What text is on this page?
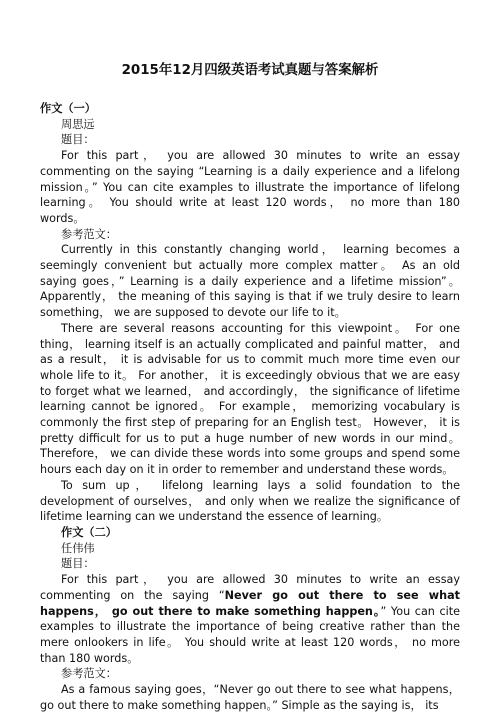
2015年12月四级英语考试真题与答案解析
作文（一）
周思远
题目：

For this part， you are allowed 30 minutes to write an essay commenting on the saying “Learning is a daily experience and a lifelong mission。” You can cite examples to illustrate the importance of lifelong learning。 You should write at least 120 words， no more than 180 words。

参考范文：

Currently in this constantly changing world， learning becomes a seemingly convenient but actually more complex matter。 As an old saying goes，” Learning is a daily experience and a lifetime mission”。 Apparently， the meaning of this saying is that if we truly desire to learn something， we are supposed to devote our life to it。

There are several reasons accounting for this viewpoint。 For one thing， learning itself is an actually complicated and painful matter， and as a result， it is advisable for us to commit much more time even our whole life to it。 For another， it is exceedingly obvious that we are easy to forget what we learned， and accordingly， the significance of lifetime learning cannot be ignored。 For example， memorizing vocabulary is commonly the first step of preparing for an English test。 However， it is pretty difficult for us to put a huge number of new words in our mind。 Therefore， we can divide these words into some groups and spend some hours each day on it in order to remember and understand these words。

To sum up， lifelong learning lays a solid foundation to the development of ourselves， and only when we realize the significance of lifetime learning can we understand the essence of learning。

作文（二）
任伟伟
题目：

For this part， you are allowed 30 minutes to write an essay commenting on the saying “Never go out there to see what happens， go out there to make something happen。” You can cite examples to illustrate the importance of being creative rather than the mere onlookers in life。 You should write at least 120 words， no more than 180 words。

参考范文：

As a famous saying goes，“Never go out there to see what happens，go out there to make something happen。” Simple as the saying is， its
